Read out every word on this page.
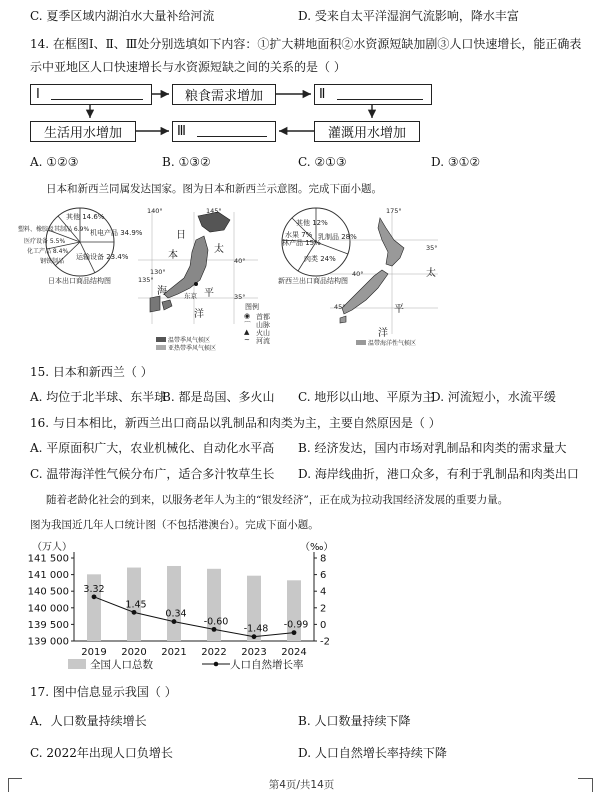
C. 夏季区域内湖泊水大量补给河流	D. 受来自太平洋湿润气流影响，降水丰富
14. 在框图Ⅰ、Ⅱ、Ⅲ处分别选填如下内容：①扩大耕地面积②水资源短缺加剧③人口快速增长，能正确表
示中亚地区人口快速增长与水资源短缺之间的关系的是（ ）
Ⅰ	粮食需求增加	Ⅱ
生活用水增加	Ⅲ	灌溉用水增加
A. ①②③	B. ①③②	C. ②①③	D. ③①②
日本和新西兰同属发达国家。图为日本和新西兰示意图。完成下面小题。
其他 14.6%
机电产品 34.9%
塑料、橡胶及其制品 6.9%
医疗设备 5.5%
化工产品 8.4%
钢铁制品
运输设备 23.4%
日本出口商品结构图
140°	145°
135°
130°
40°
35°
日
本
太
平
洋
海	东京
图例
◉ 首都
⌒ 山脉
▲ 火山
~ 河流
温带季风气候区
亚热带季风气候区
其他 12%
乳制品 28%
林产品 15%
肉类 24%
水果 7%
新西兰出口商品结构图
175°
35°
40°
45°
太
平
洋
温带海洋性气候区
15. 日本和新西兰（ ）
A. 均位于北半球、东半球
B. 都是岛国、多火山 C. 地形以山地、平原为主
D. 河流短小，水流平缓
16. 与日本相比，新西兰出口商品以乳制品和肉类为主，主要自然原因是（ ）
A. 平原面积广大，农业机械化、自动化水平高 B. 经济发达，国内市场对乳制品和肉类的需求量大
C. 温带海洋性气候分布广，适合多汁牧草生长 D. 海岸线曲折，港口众多，有利于乳制品和肉类出口
随着老龄化社会的到来，以服务老年人为主的“银发经济”，正在成为拉动我国经济发展的重要力量。
图为我国近几年人口统计图（不包括港澳台）。完成下面小题。
141 500
141 000
140 500
140 000
139 500
139 000
8
6
4
2
0
-2
2019 2020 2021 2022 2023 2024
3.32
1.45
0.34
-0.60
-1.48 -0.99
（万人）	（‰）
全国人口总数	人口自然增长率
17. 图中信息显示我国（ ）
A．人口数量持续增长	B. 人口数量持续下降
C. 2022年出现人口负增长	D. 人口自然增长率持续下降
第4页/共14页
